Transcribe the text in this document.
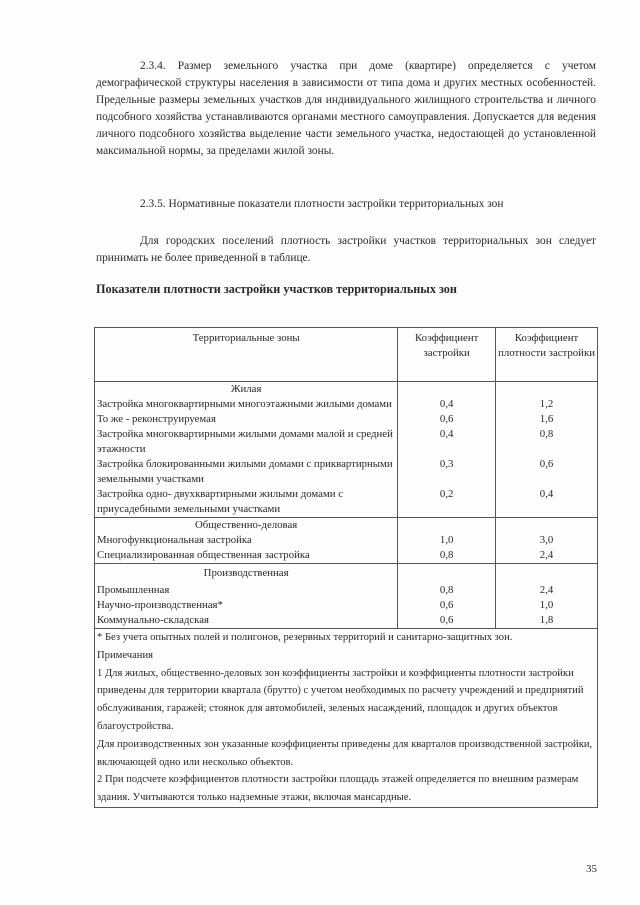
2.3.4. Размер земельного участка при доме (квартире) определяется с учетом демографической структуры населения в зависимости от типа дома и других местных особенностей. Предельные размеры земельных участков для индивидуального жилищного строительства и личного подсобного хозяйства устанавливаются органами местного самоуправления. Допускается для ведения личного подсобного хозяйства выделение части земельного участка, недостающей до установленной максимальной нормы, за пределами жилой зоны.

2.3.5. Нормативные показатели плотности застройки территориальных зон

Для городских поселений плотность застройки участков территориальных зон следует принимать не более приведенной в таблице.

Показатели плотности застройки участков территориальных зон

Территориальные зоны	Коэффициент застройки	Коэффициент плотности застройки
Жилая		
Застройка многоквартирными многоэтажными жилыми домами	0,4	1,2
То же - реконструируемая	0,6	1,6
Застройка многоквартирными жилыми домами малой и средней этажности	0,4	0,8
Застройка блокированными жилыми домами с приквартирными земельными участками	0,3	0,6
Застройка одно- двухквартирными жилыми домами с приусадебными земельными участками	0,2	0,4
Общественно-деловая		
Многофункциональная застройка	1,0	3,0
Специализированная общественная застройка	0,8	2,4
Производственная		
Промышленная	0,8	2,4
Научно-производственная*	0,6	1,0
Коммунально-складская	0,6	1,8

* Без учета опытных полей и полигонов, резервных территорий и санитарно-защитных зон.
Примечания
1 Для жилых, общественно-деловых зон коэффициенты застройки и коэффициенты плотности застройки приведены для территории квартала (брутто) с учетом необходимых по расчету учреждений и предприятий обслуживания, гаражей; стоянок для автомобилей, зеленых насаждений, площадок и других объектов благоустройства.
Для производственных зон указанные коэффициенты приведены для кварталов производственной застройки, включающей одно или несколько объектов.
2 При подсчете коэффициентов плотности застройки площадь этажей определяется по внешним размерам здания. Учитываются только надземные этажи, включая мансардные.		
35
